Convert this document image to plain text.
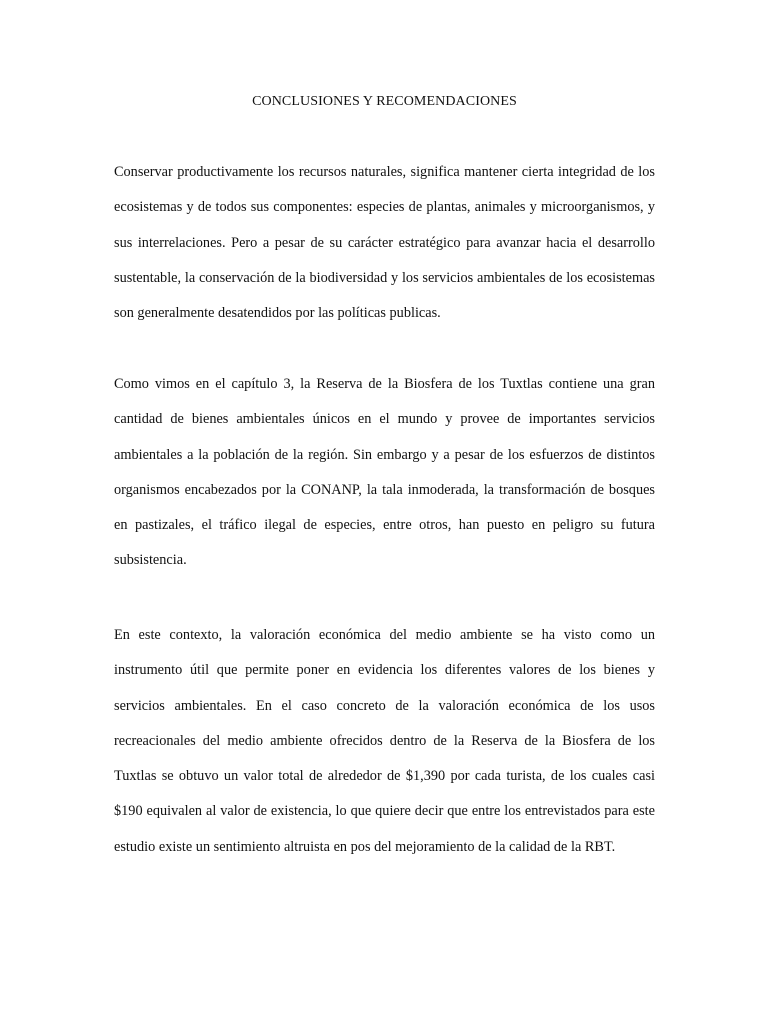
CONCLUSIONES Y RECOMENDACIONES

Conservar productivamente los recursos naturales, significa mantener cierta integridad de los ecosistemas y de todos sus componentes: especies de plantas, animales y microorganismos, y sus interrelaciones. Pero a pesar de su carácter estratégico para avanzar hacia el desarrollo sustentable, la conservación de la biodiversidad y los servicios ambientales de los ecosistemas son generalmente desatendidos por las políticas publicas.

Como vimos en el capítulo 3, la Reserva de la Biosfera de los Tuxtlas contiene una gran cantidad de bienes ambientales únicos en el mundo y provee de importantes servicios ambientales a la población de la región. Sin embargo y a pesar de los esfuerzos de distintos organismos encabezados por la CONANP, la tala inmoderada, la transformación de bosques en pastizales, el tráfico ilegal de especies, entre otros, han puesto en peligro su futura subsistencia.

En este contexto, la valoración económica del medio ambiente se ha visto como un instrumento útil que permite poner en evidencia los diferentes valores de los bienes y servicios ambientales. En el caso concreto de la valoración económica de los usos recreacionales del medio ambiente ofrecidos dentro de la Reserva de la Biosfera de los Tuxtlas se obtuvo un valor total de alrededor de $1,390 por cada turista, de los cuales casi $190 equivalen al valor de existencia, lo que quiere decir que entre los entrevistados para este estudio existe un sentimiento altruista en pos del mejoramiento de la calidad de la RBT.
